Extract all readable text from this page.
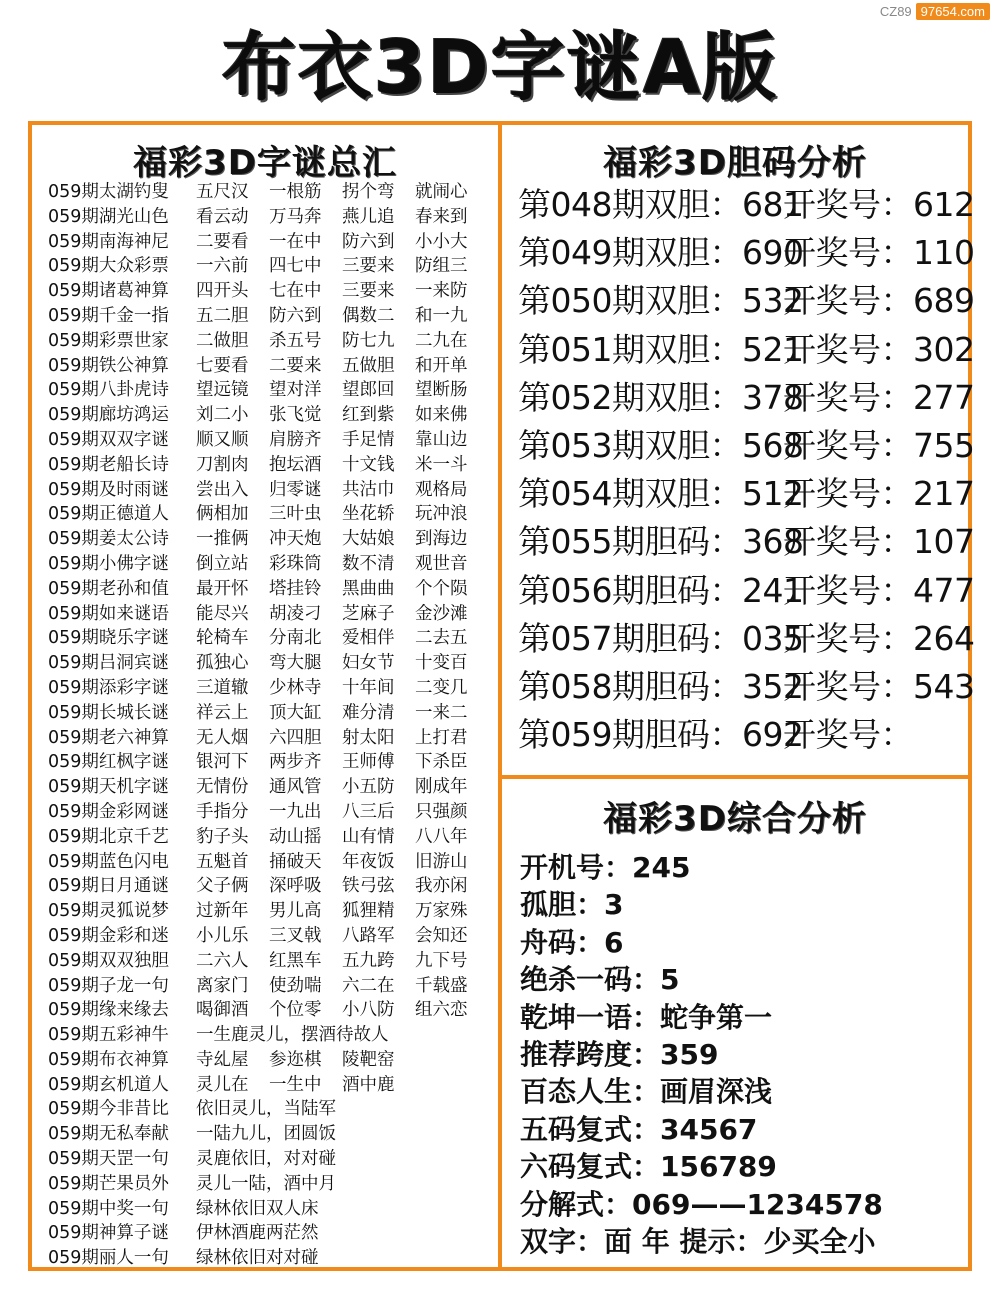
CZ89 97654.com
布衣3D字谜A版
福彩3D字谜总汇
059期太湖钓叟 五尺汉 一根筋 拐个弯 就闹心
059期湖光山色 看云动 万马奔 燕儿追 春来到
059期南海神尼 二要看 一在中 防六到 小小大
059期大众彩票 一六前 四七中 三要来 防组三
059期诸葛神算 四开头 七在中 三要来 一来防
059期千金一指 五二胆 防六到 偶数二 和一九
059期彩票世家 二做胆 杀五号 防七九 二九在
059期铁公神算 七要看 二要来 五做胆 和开单
059期八卦虎诗 望远镜 望对洋 望郎回 望断肠
059期廊坊鸿运 刘二小 张飞觉 红到紫 如来佛
059期双双字谜 顺又顺 肩膀齐 手足情 靠山边
059期老船长诗 刀割肉 抱坛酒 十文钱 米一斗
059期及时雨谜 尝出入 归零谜 共沽巾 观格局
059期正德道人 俩相加 三叶虫 坐花轿 玩冲浪
059期姜太公诗 一推俩 冲天炮 大姑娘 到海边
059期小佛字谜 倒立站 彩珠筒 数不清 观世音
059期老孙和值 最开怀 塔挂铃 黑曲曲 个个陨
059期如来谜语 能尽兴 胡凌刁 芝麻子 金沙滩
059期晓乐字谜 轮椅车 分南北 爱相伴 二去五
059期吕洞宾谜 孤独心 弯大腿 妇女节 十变百
059期添彩字谜 三道辙 少林寺 十年间 二变几
059期长城长谜 祥云上 顶大缸 难分清 一来二
059期老六神算 无人烟 六四胆 射太阳 上打君
059期红枫字谜 银河下 两步齐 王师傅 下杀臣
059期天机字谜 无情份 通风管 小五防 刚成年
059期金彩网谜 手指分 一九出 八三后 只强颜
059期北京千艺 豹子头 动山摇 山有情 八八年
059期蓝色闪电 五魁首 捅破天 年夜饭 旧游山
059期日月通谜 父子俩 深呼吸 铁弓弦 我亦闲
059期灵狐说梦 过新年 男儿高 狐狸精 万家殊
059期金彩和迷 小儿乐 三叉戟 八路军 会知还
059期双双独胆 二六人 红黑车 五九跨 九下号
059期子龙一句 离家门 使劲喘 六二在 千载盛
059期缘来缘去 喝御酒 个位零 小八防 组六恋
059期五彩神牛 一生鹿灵儿，摆酒待故人
059期布衣神算 寺乣屋 参迩棋 陵靶窑
059期玄机道人 灵儿在 一生中 酒中鹿
059期今非昔比 依旧灵儿，当陆军
059期无私奉献 一陆九儿，团圆饭
059期天罡一句 灵鹿依旧，对对碰
059期芒果员外 灵儿一陆，酒中月
059期中奖一句 绿林依旧双人床
059期神算子谜 伊林酒鹿两茫然
059期丽人一句 绿林依旧对对碰
福彩3D胆码分析
第048期双胆：681开奖号：612
第049期双胆：690开奖号：110
第050期双胆：532开奖号：689
第051期双胆：521开奖号：302
第052期双胆：378开奖号：277
第053期双胆：568开奖号：755
第054期双胆：512开奖号：217
第055期胆码：368开奖号：107
第056期胆码：241开奖号：477
第057期胆码：035开奖号：264
第058期胆码：352开奖号：543
第059期胆码：692开奖号：
福彩3D综合分析
开机号：245
孤胆：3
舟码：6
绝杀一码：5
乾坤一语：蛇争第一
推荐跨度：359
百态人生：画眉深浅
五码复式：34567
六码复式：156789
分解式：069——1234578
双字：面 年 提示：少买全小
